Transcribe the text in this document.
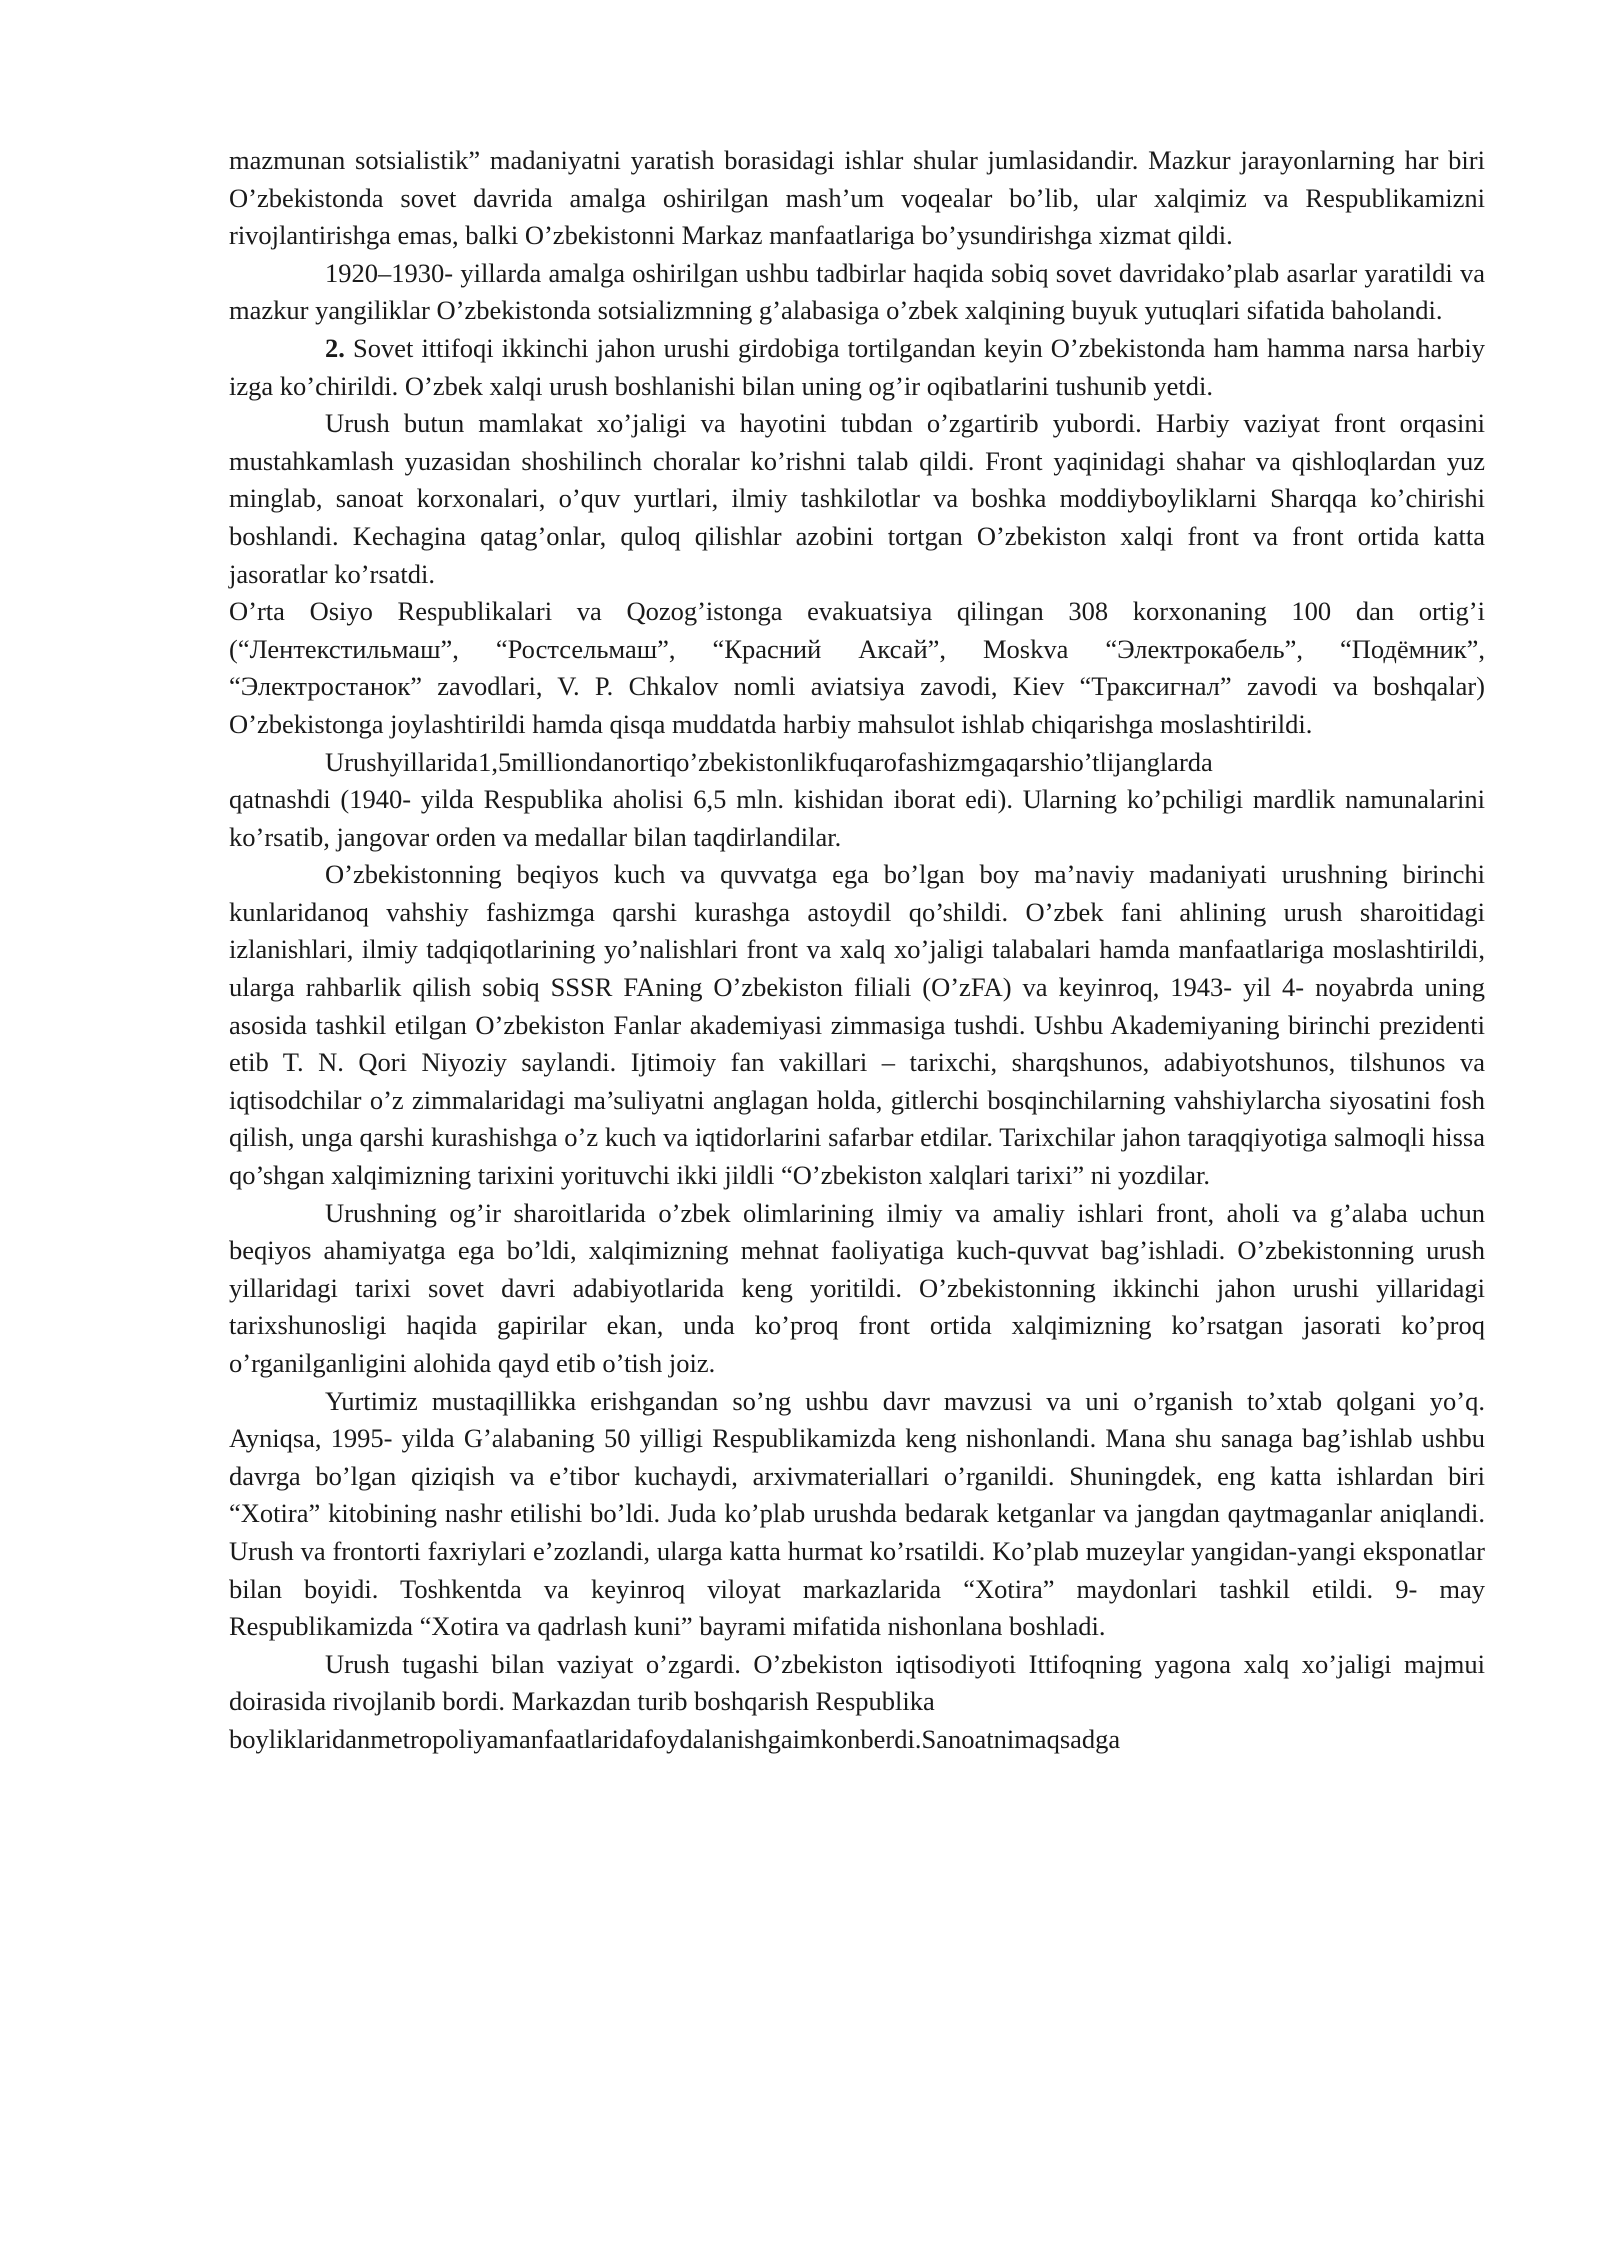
mazmunan sotsialistik” madaniyatni yaratish borasidagi ishlar shular jumlasidandir. Mazkur jarayonlarning har biri O’zbekistonda sovet davrida amalga oshirilgan mash’um voqealar bo’lib, ular xalqimiz va Respublikamizni rivojlantirishga emas, balki O’zbekistonni Markaz manfaatlariga bo’ysundirishga xizmat qildi.

1920–1930- yillarda amalga oshirilgan ushbu tadbirlar haqida sobiq sovet davridako’plab asarlar yaratildi va mazkur yangiliklar O’zbekistonda sotsializmning g’alabasiga o’zbek xalqining buyuk yutuqlari sifatida baholandi.

2. Sovet ittifoqi ikkinchi jahon urushi girdobiga tortilgandan keyin O’zbekistonda ham hamma narsa harbiy izga ko’chirildi. O’zbek xalqi urush boshlanishi bilan uning og’ir oqibatlarini tushunib yetdi.

Urush butun mamlakat xo’jaligi va hayotini tubdan o’zgartirib yubordi. Harbiy vaziyat front orqasini mustahkamlash yuzasidan shoshilinch choralar ko’rishni talab qildi. Front yaqinidagi shahar va qishloqlardan yuz minglab, sanoat korxonalari, o’quv yurtlari, ilmiy tashkilotlar va boshka moddiyboyliklarni Sharqqa ko’chirishi boshlandi. Kechagina qatag’onlar, quloq qilishlar azobini tortgan O’zbekiston xalqi front va front ortida katta jasoratlar ko’rsatdi.

O’rta Osiyo Respublikalari va Qozog’istonga evakuatsiya qilingan 308 korxonaning 100 dan ortig’i (“Лентекстильмаш”, “Ростсельмаш”, “Красний Аксай”, Moskva “Электрокабель”, “Подёмник”, “Электростанок” zavodlari, V. P. Chkalov nomli aviatsiya zavodi, Kiev “Траксигнал” zavodi va boshqalar) O’zbekistonga joylashtirildi hamda qisqa muddatda harbiy mahsulot ishlab chiqarishga moslashtirildi.

Urushyillarida1,5milliondanortiqo’zbekistonlikfuqarofashizmgaqarshio’tlijanglarda

qatnashdi (1940- yilda Respublika aholisi 6,5 mln. kishidan iborat edi). Ularning ko’pchiligi mardlik namunalarini ko’rsatib, jangovar orden va medallar bilan taqdirlandilar.

O’zbekistonning beqiyos kuch va quvvatga ega bo’lgan boy ma’naviy madaniyati urushning birinchi kunlaridanoq vahshiy fashizmga qarshi kurashga astoydil qo’shildi. O’zbek fani ahlining urush sharoitidagi izlanishlari, ilmiy tadqiqotlarining yo’nalishlari front va xalq xo’jaligi talabalari hamda manfaatlariga moslashtirildi, ularga rahbarlik qilish sobiq SSSR FAning O’zbekiston filiali (O’zFA) va keyinroq, 1943- yil 4- noyabrda uning asosida tashkil etilgan O’zbekiston Fanlar akademiyasi zimmasiga tushdi. Ushbu Akademiyaning birinchi prezidenti etib T. N. Qori Niyoziy saylandi. Ijtimoiy fan vakillari – tarixchi, sharqshunos, adabiyotshunos, tilshunos va iqtisodchilar o’z zimmalaridagi ma’suliyatni anglagan holda, gitlerchi bosqinchilarning vahshiylarcha siyosatini fosh qilish, unga qarshi kurashishga o’z kuch va iqtidorlarini safarbar etdilar. Tarixchilar jahon taraqqiyotiga salmoqli hissa qo’shgan xalqimizning tarixini yorituvchi ikki jildli “O’zbekiston xalqlari tarixi” ni yozdilar.

Urushning og’ir sharoitlarida o’zbek olimlarining ilmiy va amaliy ishlari front, aholi va g’alaba uchun beqiyos ahamiyatga ega bo’ldi, xalqimizning mehnat faoliyatiga kuch-quvvat bag’ishladi. O’zbekistonning urush yillaridagi tarixi sovet davri adabiyotlarida keng yoritildi. O’zbekistonning ikkinchi jahon urushi yillaridagi tarixshunosligi haqida gapirilar ekan, unda ko’proq front ortida xalqimizning ko’rsatgan jasorati ko’proq o’rganilganligini alohida qayd etib o’tish joiz.

Yurtimiz mustaqillikka erishgandan so’ng ushbu davr mavzusi va uni o’rganish to’xtab qolgani yo’q. Ayniqsa, 1995- yilda G’alabaning 50 yilligi Respublikamizda keng nishonlandi. Mana shu sanaga bag’ishlab ushbu davrga bo’lgan qiziqish va e’tibor kuchaydi, arxivmateriallari o’rganildi. Shuningdek, eng katta ishlardan biri “Xotira” kitobining nashr etilishi bo’ldi. Juda ko’plab urushda bedarak ketganlar va jangdan qaytmaganlar aniqlandi. Urush va frontorti faxriylari e’zozlandi, ularga katta hurmat ko’rsatildi. Ko’plab muzeylar yangidan-yangi eksponatlar bilan boyidi. Toshkentda va keyinroq viloyat markazlarida “Xotira” maydonlari tashkil etildi. 9- may Respublikamizda “Xotira va qadrlash kuni” bayrami mifatida nishonlana boshladi.

Urush tugashi bilan vaziyat o’zgardi. O’zbekiston iqtisodiyoti Ittifoqning yagona xalq xo’jaligi majmui doirasida rivojlanib bordi. Markazdan turib boshqarish Respublika

boyliklaridanmetropoliyamanfaatlaridafoydalanishgaimkonberdi.Sanoatnimaqsadga
